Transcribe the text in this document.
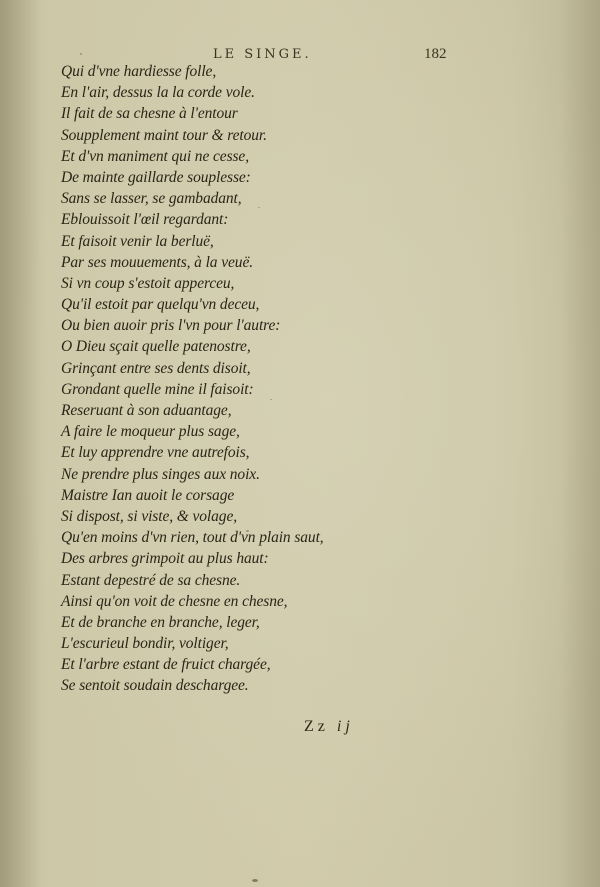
LE SINGE.	182
Qui d'vne hardiesse folle,
En l'air, dessus la la corde vole.
Il fait de sa chesne à l'entour
Soupplement maint tour & retour.
Et d'vn maniment qui ne cesse,
De mainte gaillarde souplesse:
Sans se lasser, se gambadant,
Eblouissoit l'œil regardant:
Et faisoit venir la berluë,
Par ses mouuements, à la veuë.
Si vn coup s'estoit apperceu,
Qu'il estoit par quelqu'vn deceu,
Ou bien auoir pris l'vn pour l'autre:
O Dieu sçait quelle patenostre,
Grinçant entre ses dents disoit,
Grondant quelle mine il faisoit:
Reseruant à son aduantage,
A faire le moqueur plus sage,
Et luy apprendre vne autrefois,
Ne prendre plus singes aux noix.
Maistre Ian auoit le corsage
Si dispost, si viste, & volage,
Qu'en moins d'vn rien, tout d'vn plain saut,
Des arbres grimpoit au plus haut:
Estant depestré de sa chesne.
Ainsi qu'on voit de chesne en chesne,
Et de branche en branche, leger,
L'escurieul bondir, voltiger,
Et l'arbre estant de fruict chargée,
Se sentoit soudain deschargee.
Zz ij
